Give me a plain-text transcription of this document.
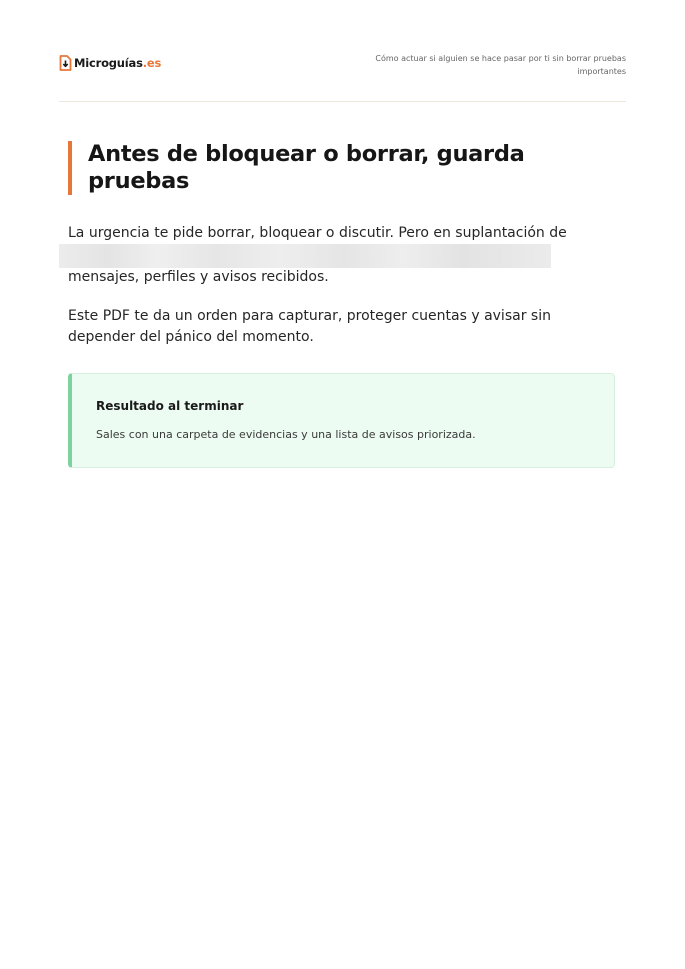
Microguías.es	Cómo actuar si alguien se hace pasar por ti sin borrar pruebas importantes
Antes de bloquear o borrar, guarda pruebas

La urgencia te pide borrar, bloquear o discutir. Pero en suplantación de

mensajes, perfiles y avisos recibidos.

Este PDF te da un orden para capturar, proteger cuentas y avisar sin depender del pánico del momento.

Resultado al terminar
Sales con una carpeta de evidencias y una lista de avisos priorizada.
